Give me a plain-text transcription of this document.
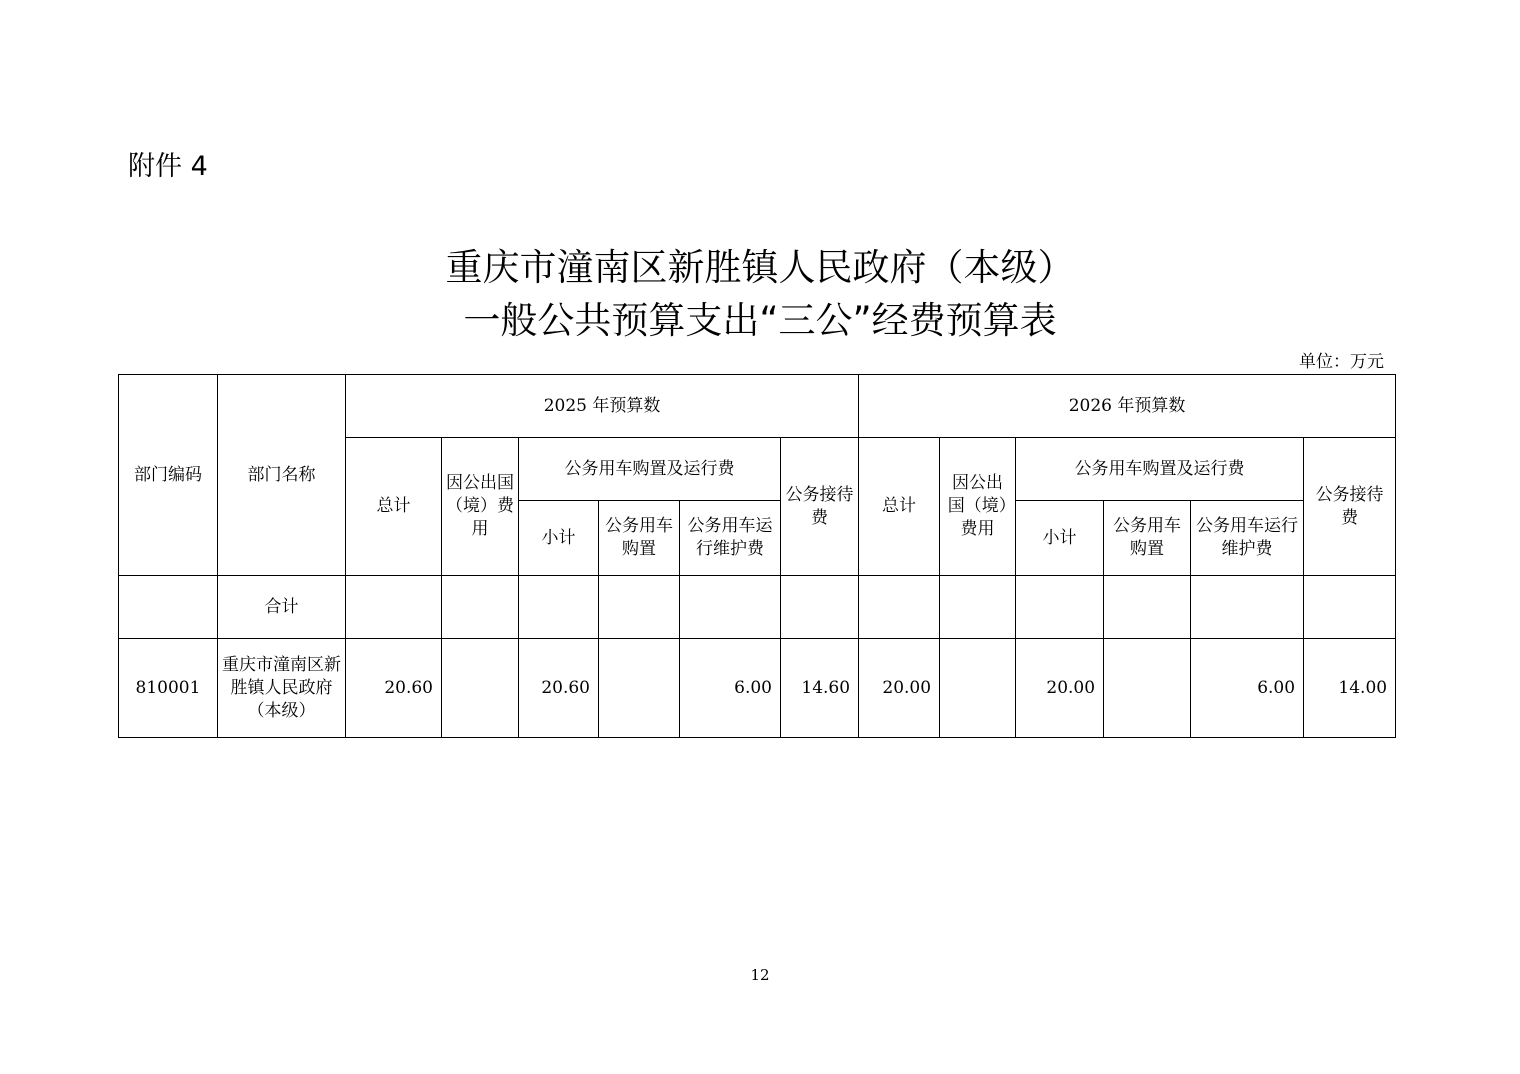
附件 4
重庆市潼南区新胜镇人民政府（本级）
一般公共预算支出“三公”经费预算表
单位：万元
部门编码	部门名称	2025 年预算数						2026 年预算数					
		总计	因公出国（境）费用	公务用车购置及运行费			公务接待费	总计	因公出国（境）费用	公务用车购置及运行费			公务接待费
				小计	公务用车购置	公务用车运行维护费				小计	公务用车购置	公务用车运行维护费	
	合计												
810001	重庆市潼南区新胜镇人民政府（本级）	20.60		20.60		6.00	14.60	20.00		20.00		6.00	14.00
12
